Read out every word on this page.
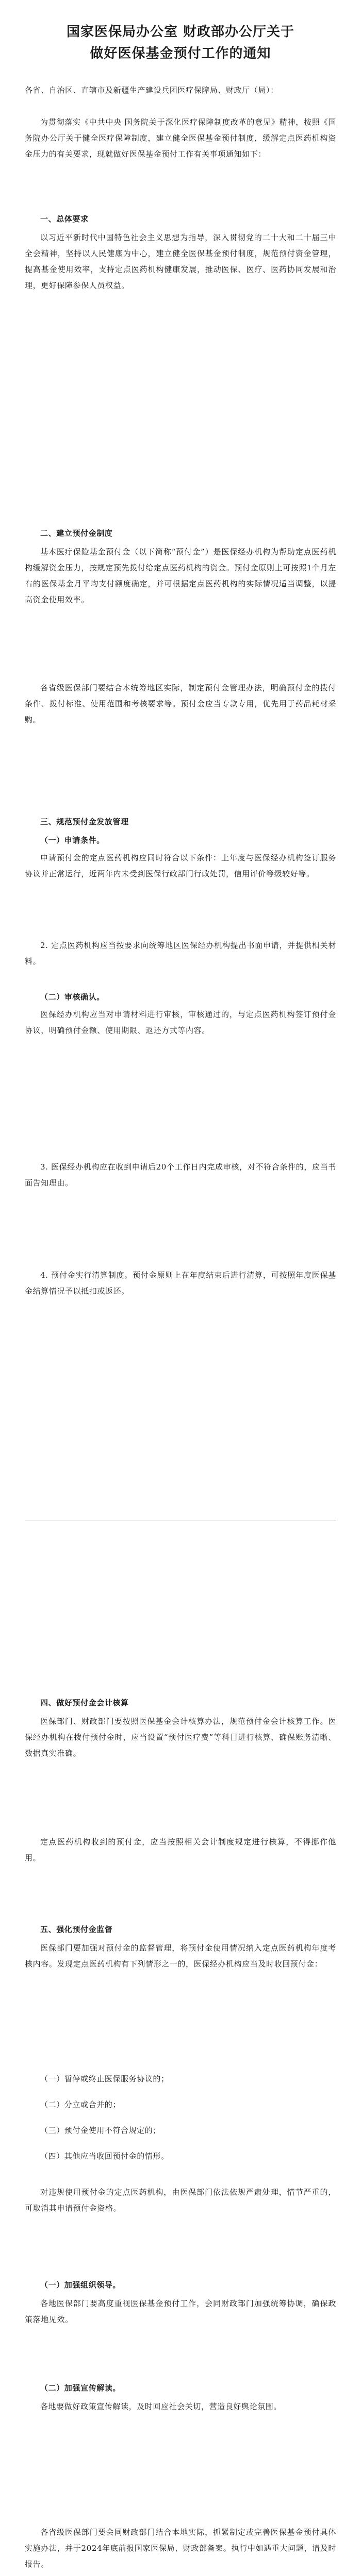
国家医保局办公室 财政部办公厅关于
做好医保基金预付工作的通知
各省、自治区、直辖市及新疆生产建设兵团医疗保障局、财政厅（局）：
为贯彻落实《中共中央 国务院关于深化医疗保障制度改革的意见》精神，按照《国务院办公厅关于健全医疗保障制度，建立健全医保基金预付制度，缓解定点医药机构资金压力的有关要求，现就做好医保基金预付工作有关事项通知如下：
一、总体要求
以习近平新时代中国特色社会主义思想为指导，深入贯彻党的二十大和二十届三中全会精神，坚持以人民健康为中心，建立健全医保基金预付制度，规范预付资金管理，提高基金使用效率，支持定点医药机构健康发展，推动医保、医疗、医药协同发展和治理，更好保障参保人员权益。
二、建立预付金制度
基本医疗保险基金预付金（以下简称“预付金”）是医保经办机构为帮助定点医药机构缓解资金压力，按规定预先拨付给定点医药机构的资金。预付金原则上可按照1个月左右的医保基金月平均支付额度确定，并可根据定点医药机构的实际情况适当调整，以提高资金使用效率。
各省级医保部门要结合本统筹地区实际，制定预付金管理办法，明确预付金的拨付条件、拨付标准、使用范围和考核要求等。预付金应当专款专用，优先用于药品耗材采购。
三、规范预付金发放管理
（一）申请条件。
申请预付金的定点医药机构应同时符合以下条件：上年度与医保经办机构签订服务协议并正常运行，近两年内未受到医保行政部门行政处罚，信用评价等级较好等。
2. 定点医药机构应当按要求向统筹地区医保经办机构提出书面申请，并提供相关材料。
（二）审核确认。
医保经办机构应当对申请材料进行审核，审核通过的，与定点医药机构签订预付金协议，明确预付金额、使用期限、返还方式等内容。
3. 医保经办机构应在收到申请后20个工作日内完成审核，对不符合条件的，应当书面告知理由。
4. 预付金实行清算制度。预付金原则上在年度结束后进行清算，可按照年度医保基金结算情况予以抵扣或返还。
四、做好预付金会计核算
医保部门、财政部门要按照医保基金会计核算办法，规范预付金会计核算工作。医保经办机构在拨付预付金时，应当设置“预付医疗费”等科目进行核算，确保账务清晰、数据真实准确。
定点医药机构收到的预付金，应当按照相关会计制度规定进行核算，不得挪作他用。
五、强化预付金监督
医保部门要加强对预付金的监督管理，将预付金使用情况纳入定点医药机构年度考核内容。发现定点医药机构有下列情形之一的，医保经办机构应当及时收回预付金：
（一）暂停或终止医保服务协议的；
（二）分立或合并的；
（三）预付金使用不符合规定的；
（四）其他应当收回预付金的情形。
对违规使用预付金的定点医药机构，由医保部门依法依规严肃处理，情节严重的，可取消其申请预付金资格。
（一）加强组织领导。
各地医保部门要高度重视医保基金预付工作，会同财政部门加强统筹协调，确保政策落地见效。
（二）加强宣传解读。
各地要做好政策宣传解读，及时回应社会关切，营造良好舆论氛围。
各省级医保部门要会同财政部门结合本地实际，抓紧制定或完善医保基金预付具体实施办法，并于2024年底前报国家医保局、财政部备案。执行中如遇重大问题，请及时报告。
